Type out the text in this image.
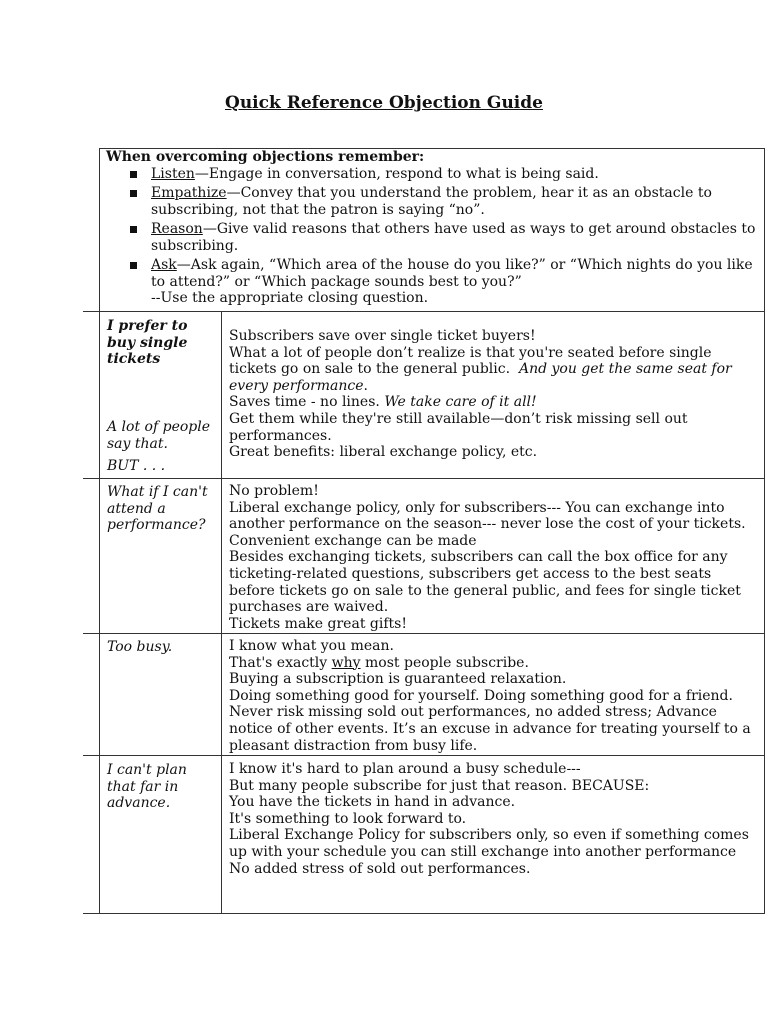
Quick Reference Objection Guide
When overcoming objections remember:
Listen—Engage in conversation, respond to what is being said.
Empathize—Convey that you understand the problem, hear it as an obstacle to subscribing, not that the patron is saying “no”.
Reason—Give valid reasons that others have used as ways to get around obstacles to subscribing.
Ask—Ask again, “Which area of the house do you like?” or “Which nights do you like to attend?” or “Which package sounds best to you?”
--Use the appropriate closing question.
I prefer to buy single tickets
A lot of people say that.
BUT . . .
Subscribers save over single ticket buyers!
What a lot of people don’t realize is that you're seated before single tickets go on sale to the general public. And you get the same seat for every performance.
Saves time - no lines. We take care of it all!
Get them while they're still available—don’t risk missing sell out performances.
Great benefits: liberal exchange policy, etc.
What if I can't attend a performance?
No problem!
Liberal exchange policy, only for subscribers--- You can exchange into another performance on the season--- never lose the cost of your tickets.
Convenient exchange can be made
Besides exchanging tickets, subscribers can call the box office for any ticketing-related questions, subscribers get access to the best seats before tickets go on sale to the general public, and fees for single ticket purchases are waived.
Tickets make great gifts!
Too busy.	I know what you mean.
That's exactly why most people subscribe.
Buying a subscription is guaranteed relaxation.
Doing something good for yourself. Doing something good for a friend.
Never risk missing sold out performances, no added stress; Advance notice of other events. It’s an excuse in advance for treating yourself to a pleasant distraction from busy life.
I can't plan that far in advance.
I know it's hard to plan around a busy schedule---
But many people subscribe for just that reason. BECAUSE:
You have the tickets in hand in advance.
It's something to look forward to.
Liberal Exchange Policy for subscribers only, so even if something comes up with your schedule you can still exchange into another performance
No added stress of sold out performances.
